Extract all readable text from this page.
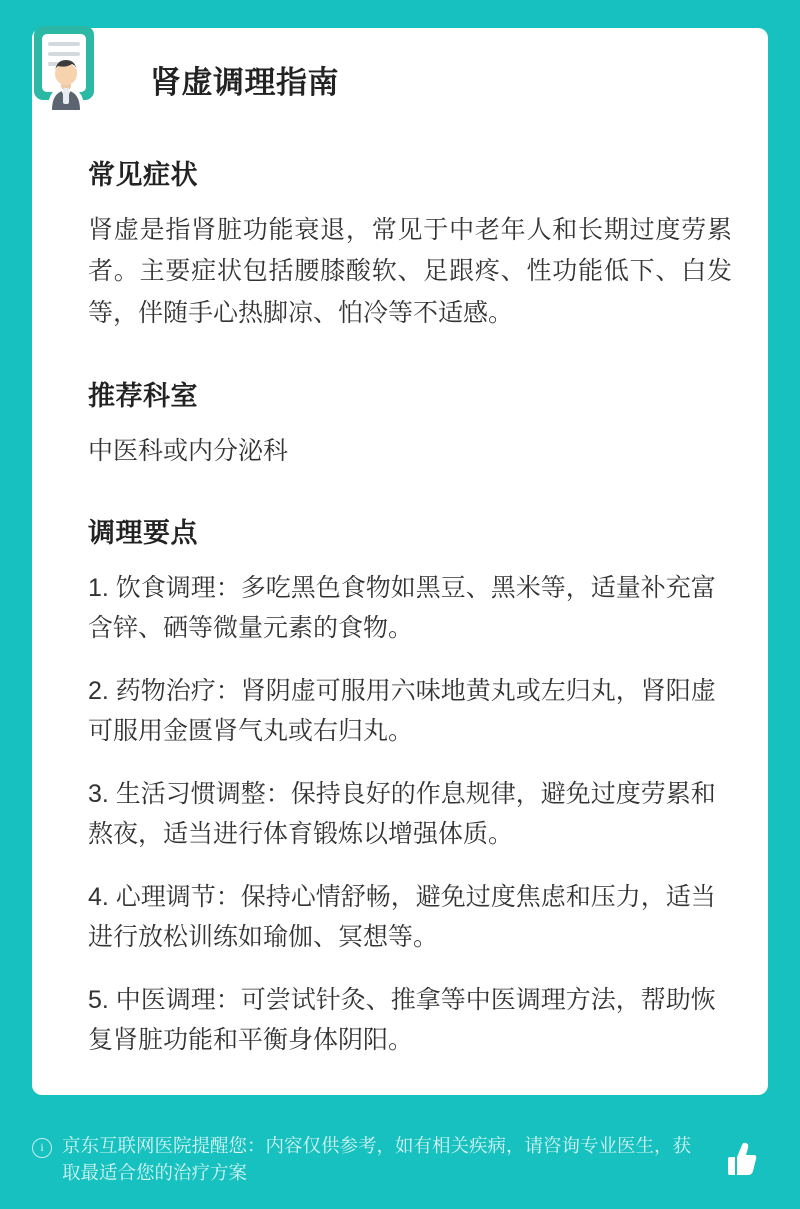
肾虚调理指南
常见症状

肾虚是指肾脏功能衰退，常见于中老年人和长期过度劳累者。主要症状包括腰膝酸软、足跟疼、性功能低下、白发等，伴随手心热脚凉、怕冷等不适感。

推荐科室

中医科或内分泌科

调理要点

1. 饮食调理：多吃黑色食物如黑豆、黑米等，适量补充富含锌、硒等微量元素的食物。

2. 药物治疗：肾阴虚可服用六味地黄丸或左归丸，肾阳虚可服用金匮肾气丸或右归丸。

3. 生活习惯调整：保持良好的作息规律，避免过度劳累和熬夜，适当进行体育锻炼以增强体质。

4. 心理调节：保持心情舒畅，避免过度焦虑和压力，适当进行放松训练如瑜伽、冥想等。

5. 中医调理：可尝试针灸、推拿等中医调理方法，帮助恢复肾脏功能和平衡身体阴阳。

i 京东互联网医院提醒您：内容仅供参考，如有相关疾病，请咨询专业医生，获取最适合您的治疗方案
